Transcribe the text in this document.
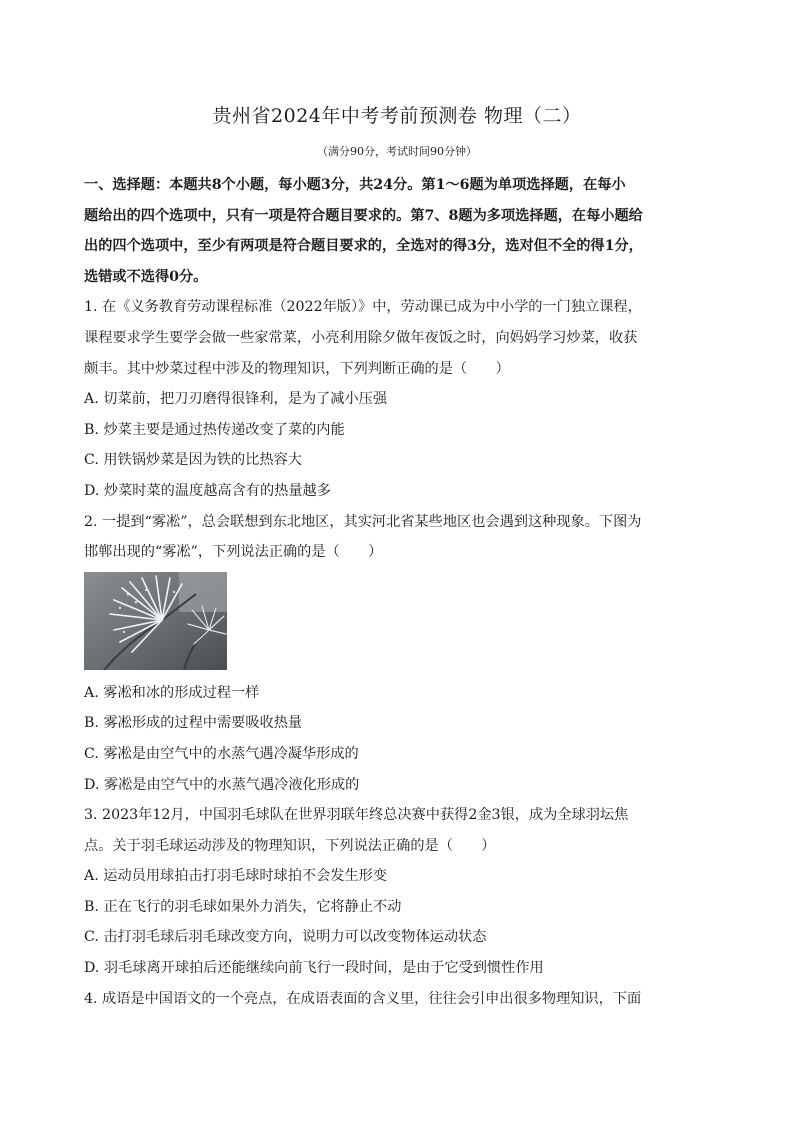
贵州省2024年中考考前预测卷 物理（二）
（满分90分，考试时间90分钟）

一、选择题：本题共8个小题，每小题3分，共24分。第1～6题为单项选择题，在每小

题给出的四个选项中，只有一项是符合题目要求的。第7、8题为多项选择题，在每小题给

出的四个选项中，至少有两项是符合题目要求的，全选对的得3分，选对但不全的得1分，

选错或不选得0分。

1. 在《义务教育劳动课程标准（2022年版）》中，劳动课已成为中小学的一门独立课程，

课程要求学生要学会做一些家常菜，小亮利用除夕做年夜饭之时，向妈妈学习炒菜，收获

颇丰。其中炒菜过程中涉及的物理知识，下列判断正确的是（　　）

A. 切菜前，把刀刃磨得很锋利，是为了减小压强

B. 炒菜主要是通过热传递改变了菜的内能

C. 用铁锅炒菜是因为铁的比热容大

D. 炒菜时菜的温度越高含有的热量越多

2. 一提到“雾凇”，总会联想到东北地区，其实河北省某些地区也会遇到这种现象。下图为

邯郸出现的“雾凇”，下列说法正确的是（　　）

A. 雾凇和冰的形成过程一样

B. 雾凇形成的过程中需要吸收热量

C. 雾凇是由空气中的水蒸气遇冷凝华形成的

D. 雾凇是由空气中的水蒸气遇冷液化形成的

3. 2023年12月，中国羽毛球队在世界羽联年终总决赛中获得2金3银，成为全球羽坛焦

点。关于羽毛球运动涉及的物理知识，下列说法正确的是（　　）

A. 运动员用球拍击打羽毛球时球拍不会发生形变

B. 正在飞行的羽毛球如果外力消失，它将静止不动

C. 击打羽毛球后羽毛球改变方向，说明力可以改变物体运动状态

D. 羽毛球离开球拍后还能继续向前飞行一段时间，是由于它受到惯性作用

4. 成语是中国语文的一个亮点，在成语表面的含义里，往往会引申出很多物理知识，下面
